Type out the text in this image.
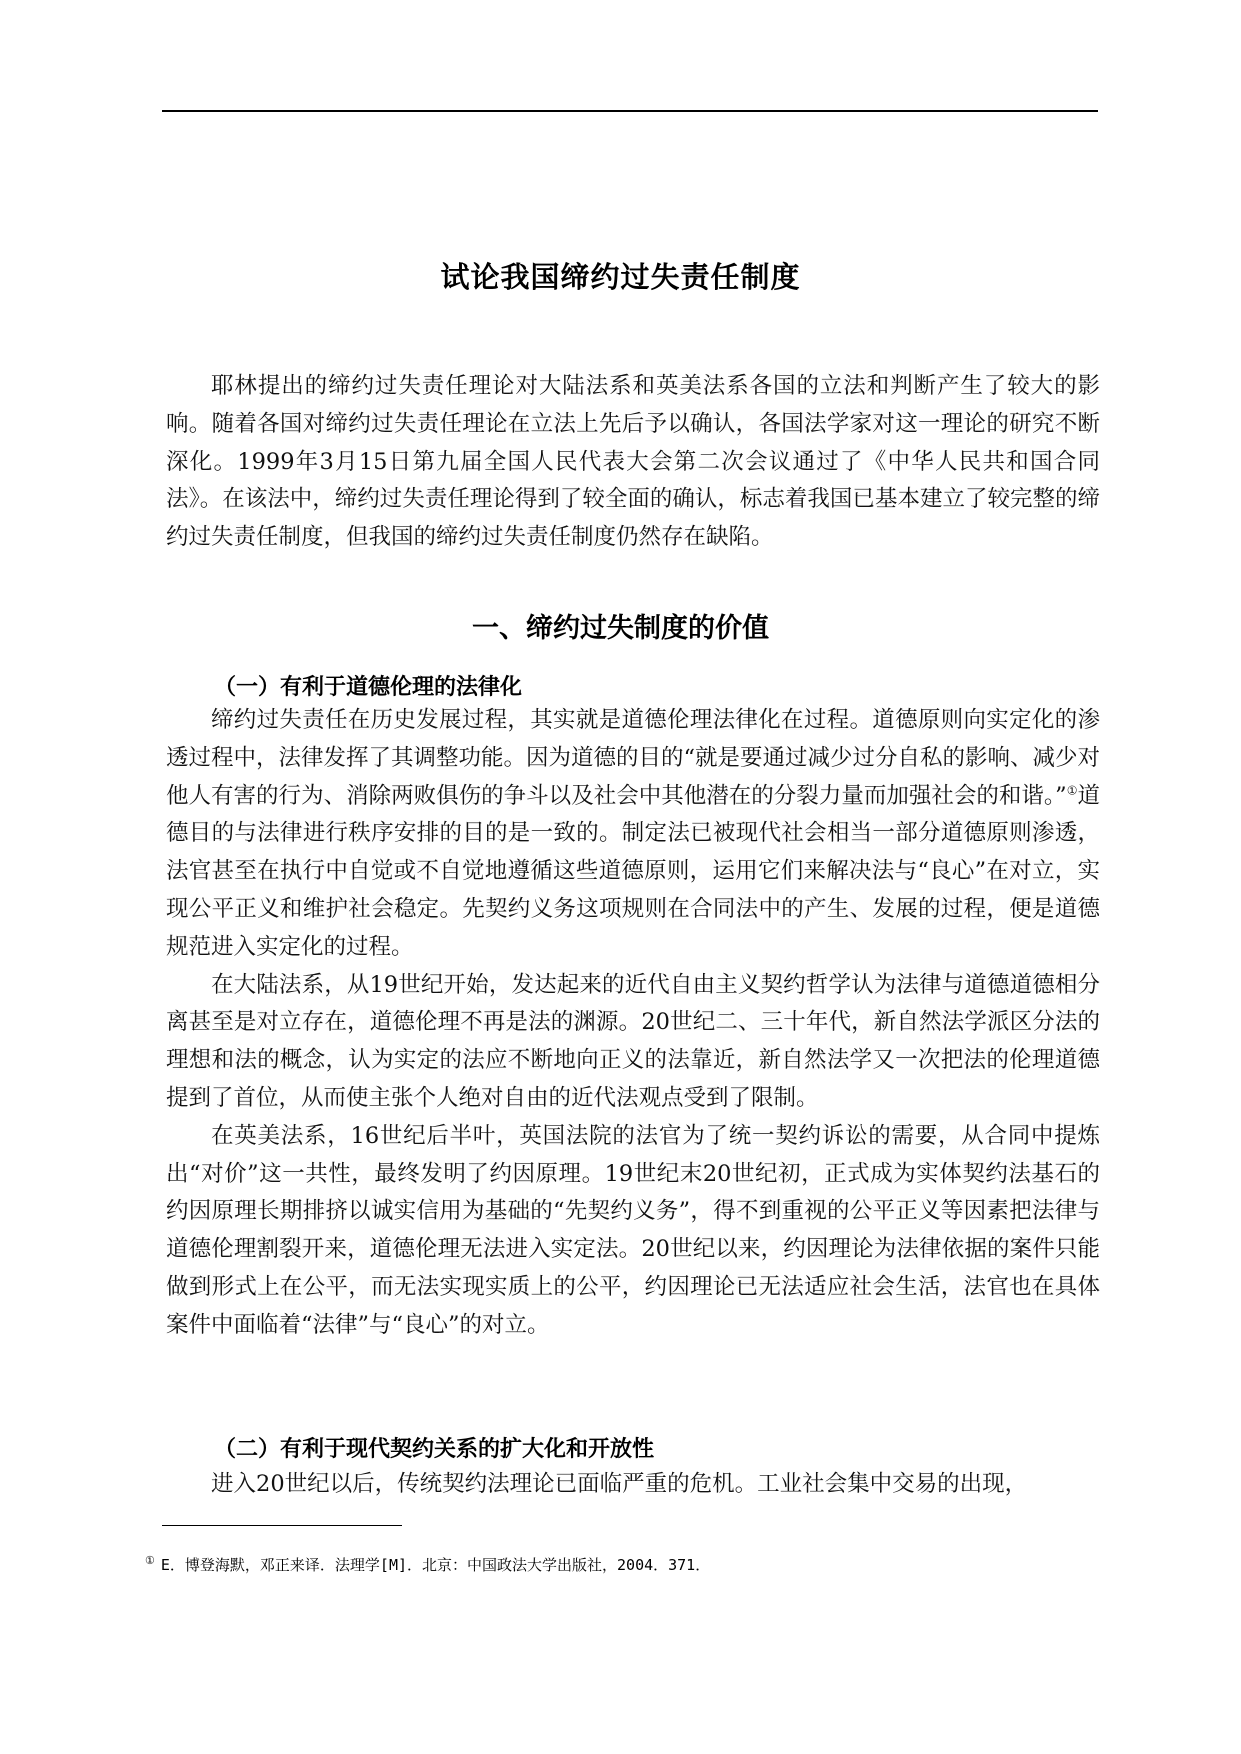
试论我国缔约过失责任制度

耶林提出的缔约过失责任理论对大陆法系和英美法系各国的立法和判断产生了较大的影响。随着各国对缔约过失责任理论在立法上先后予以确认，各国法学家对这一理论的研究不断深化。1999年3月15日第九届全国人民代表大会第二次会议通过了《中华人民共和国合同法》。在该法中，缔约过失责任理论得到了较全面的确认，标志着我国已基本建立了较完整的缔约过失责任制度，但我国的缔约过失责任制度仍然存在缺陷。

一、缔约过失制度的价值
（一）有利于道德伦理的法律化

缔约过失责任在历史发展过程，其实就是道德伦理法律化在过程。道德原则向实定化的渗透过程中，法律发挥了其调整功能。因为道德的目的“就是要通过减少过分自私的影响、减少对他人有害的行为、消除两败俱伤的争斗以及社会中其他潜在的分裂力量而加强社会的和谐。”①道德目的与法律进行秩序安排的目的是一致的。制定法已被现代社会相当一部分道德原则渗透，法官甚至在执行中自觉或不自觉地遵循这些道德原则，运用它们来解决法与“良心”在对立，实现公平正义和维护社会稳定。先契约义务这项规则在合同法中的产生、发展的过程，便是道德规范进入实定化的过程。

在大陆法系，从19世纪开始，发达起来的近代自由主义契约哲学认为法律与道德道德相分离甚至是对立存在，道德伦理不再是法的渊源。20世纪二、三十年代，新自然法学派区分法的理想和法的概念，认为实定的法应不断地向正义的法靠近，新自然法学又一次把法的伦理道德提到了首位，从而使主张个人绝对自由的近代法观点受到了限制。

在英美法系，16世纪后半叶，英国法院的法官为了统一契约诉讼的需要，从合同中提炼出“对价”这一共性，最终发明了约因原理。19世纪末20世纪初，正式成为实体契约法基石的约因原理长期排挤以诚实信用为基础的“先契约义务”，得不到重视的公平正义等因素把法律与道德伦理割裂开来，道德伦理无法进入实定法。20世纪以来，约因理论为法律依据的案件只能做到形式上在公平，而无法实现实质上的公平，约因理论已无法适应社会生活，法官也在具体案件中面临着“法律”与“良心”的对立。

（二）有利于现代契约关系的扩大化和开放性

进入20世纪以后，传统契约法理论已面临严重的危机。工业社会集中交易的出现，

① E．博登海默，邓正来译．法理学[M]．北京：中国政法大学出版社，2004．371．
